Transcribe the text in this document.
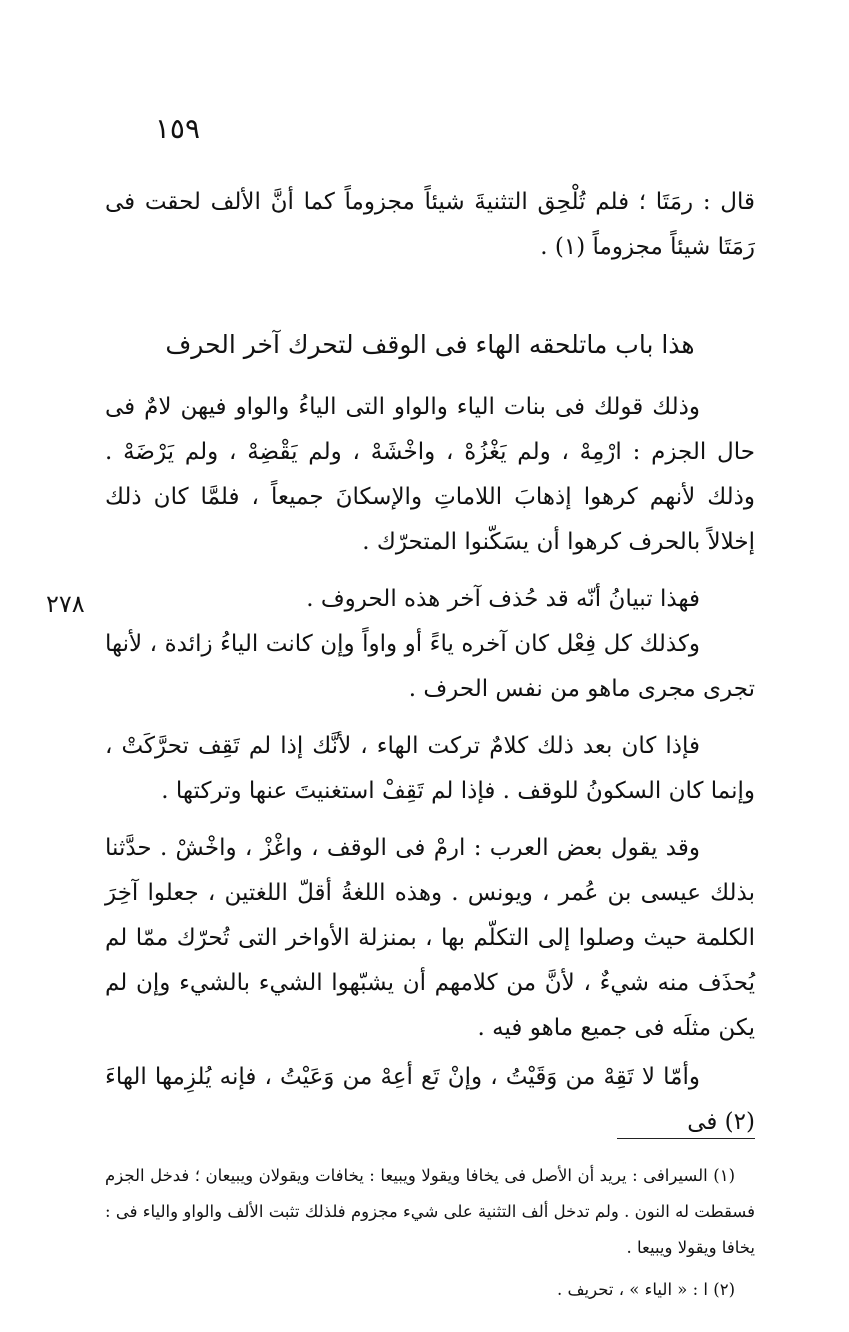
١٥٩
٢٧٨

قال : رمَتَا ؛ فلم تُلْحِق التثنيةَ شيئاً مجزوماً كما أنَّ الألف لحقت فى رَمَتَا شيئاً مجزوماً (١) .

هذا باب ماتلحقه الهاء فى الوقف لتحرك آخر الحرف

وذلك قولك فى بنات الياء والواو التى الياءُ والواو فيهن لامٌ فى حال الجزم : ارْمِهْ ، ولم يَغْزُهْ ، واخْشَهْ ، ولم يَقْضِهْ ، ولم يَرْضَهْ . وذلك لأنهم كرهوا إذهابَ اللاماتِ والإسكانَ جميعاً ، فلمَّا كان ذلك إخلالاً بالحرف كرهوا أن يسَكّنوا المتحرّك .

فهذا تبيانُ أنّه قد حُذف آخر هذه الحروف .

وكذلك كل فِعْل كان آخره ياءً أو واواً وإن كانت الياءُ زائدة ، لأنها تجرى مجرى ماهو من نفس الحرف .

فإذا كان بعد ذلك كلامٌ تركت الهاء ، لأنَّك إذا لم تَقِف تحرَّكَتْ ، وإنما كان السكونُ للوقف . فإذا لم تَقِفْ استغنيتَ عنها وتركتها .

وقد يقول بعض العرب : ارمْ فى الوقف ، واغْزْ ، واخْشْ . حدَّثنا بذلك عيسى بن عُمر ، ويونس . وهذه اللغةُ أقلّ اللغتين ، جعلوا آخِرَ الكلمة حيث وصلوا إلى التكلّم بها ، بمنزلة الأواخر التى تُحرّك ممّا لم يُحذَف منه شيءٌ ، لأنَّ من كلامهم أن يشبّهوا الشيء بالشيء وإن لم يكن مثلَه فى جميع ماهو فيه .

وأمّا لا تَقِهْ من وَقَيْتُ ، وإنْ تَع أعِهْ من وَعَيْتُ ، فإنه يُلزِمها الهاءَ (٢) فى

(١) السيرافى : يريد أن الأصل فى يخافا ويقولا ويبيعا : يخافات ويقولان ويبيعان ؛ فدخل الجزم فسقطت له النون . ولم تدخل ألف التثنية على شيء مجزوم فلذلك تثبت الألف والواو والياء فى : يخافا ويقولا ويبيعا .

(٢) ا : « الياء » ، تحريف .
